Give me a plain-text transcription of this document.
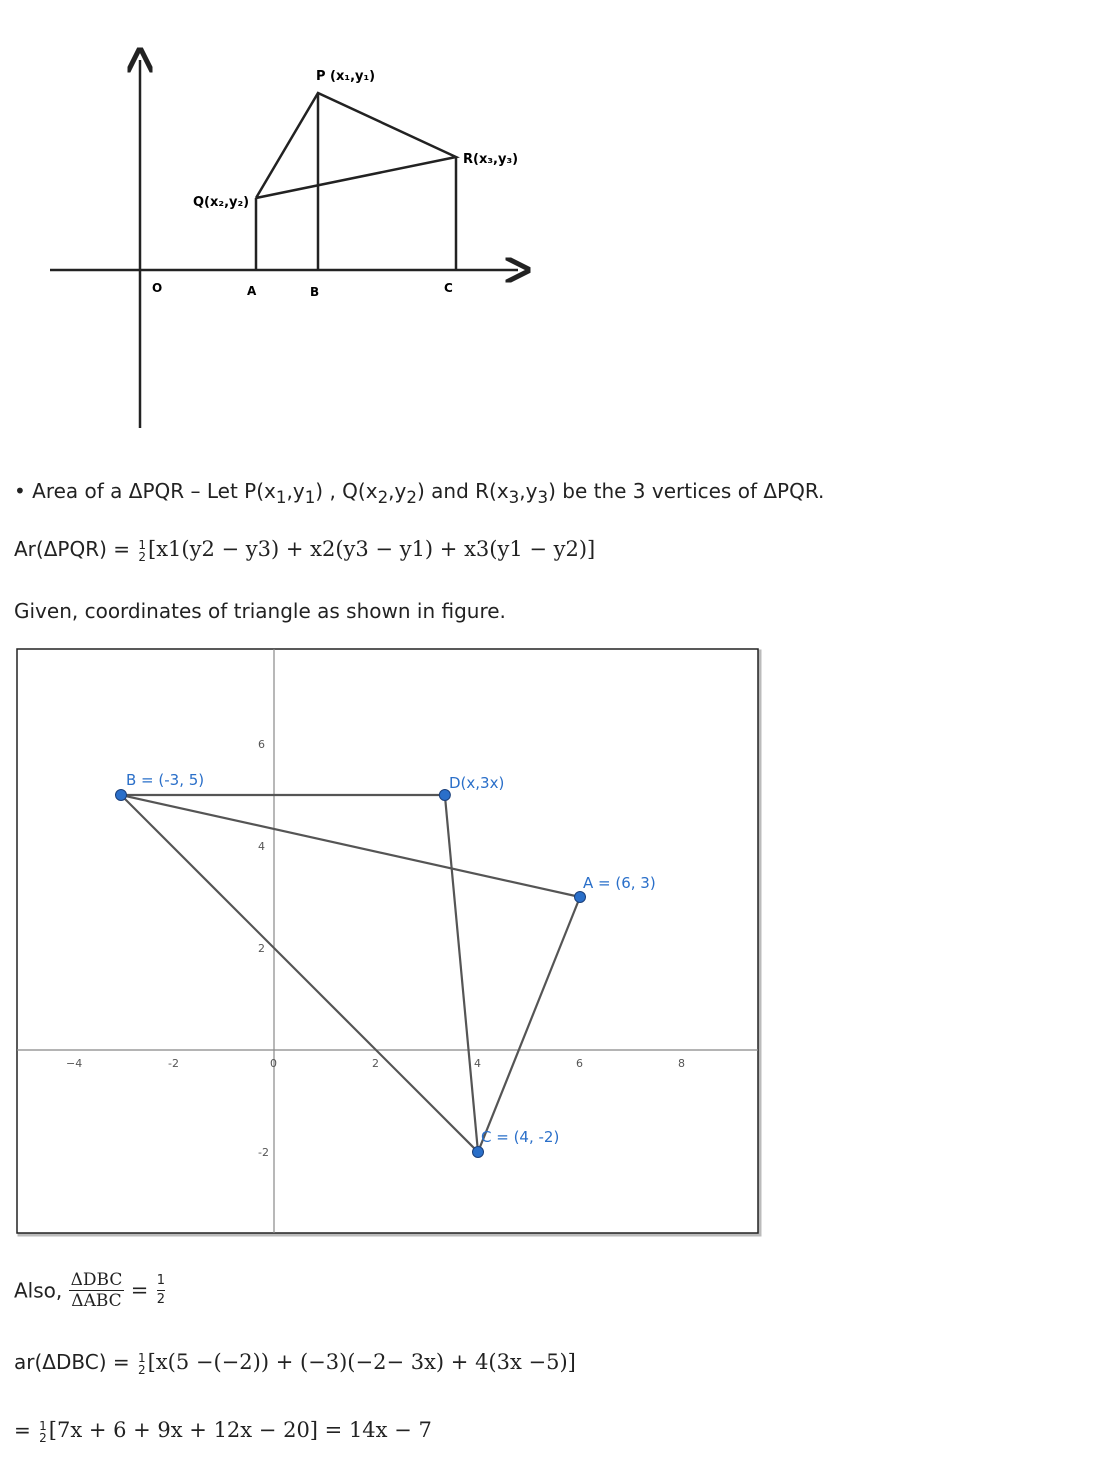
P (x₁,y₁)
R(x₃,y₃)
Q(x₂,y₂)
O	A	B	C
• Area of a ΔPQR – Let $P(x_1,y_1)$ , $Q(x_2,y_2)$ and $R(x_3,y_3)$ be the 3 vertices of ΔPQR.
Ar(ΔPQR) = 1
2 [x1(y2 − y3) + x2(y3 − y1) + x3(y1 − y2)]
Given, coordinates of triangle as shown in figure.
−4	-2	0	2	4	6	8
6
4
2
-2
B = (-3, 5)	D(x,3x)
A = (6, 3)
C = (4, -2)
Also, ΔDBC
$\Delta ABC = \frac{1}{2}$
ar(ΔDBC) = 1
2 [x(5 −(−2)) + (−3)(−2− 3x) + 4(3x −5)]
= 1
2 [7x + 6 + 9x + 12x − 20] = 14x − 7
